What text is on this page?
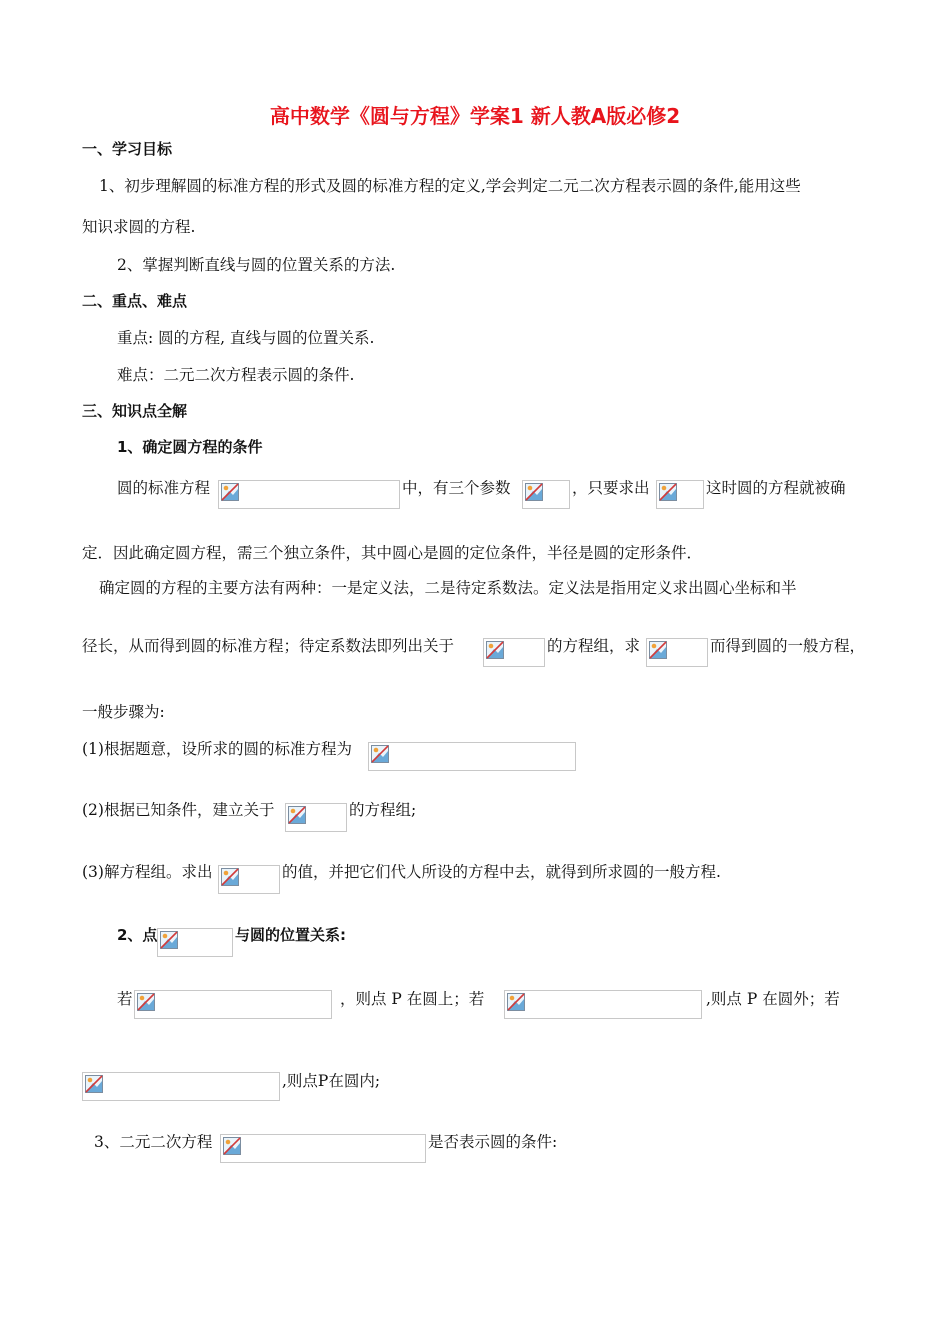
高中数学《圆与方程》学案1 新人教A版必修2
一、学习目标
1、初步理解圆的标准方程的形式及圆的标准方程的定义,学会判定二元二次方程表示圆的条件,能用这些
知识求圆的方程.
2、掌握判断直线与圆的位置关系的方法.
二、重点、难点
重点: 圆的方程, 直线与圆的位置关系.
难点：二元二次方程表示圆的条件.
三、知识点全解
1、确定圆方程的条件
圆的标准方程	中，有三个参数	，只要求出	这时圆的方程就被确
定．因此确定圆方程，需三个独立条件，其中圆心是圆的定位条件，半径是圆的定形条件．
确定圆的方程的主要方法有两种：一是定义法，二是待定系数法。定义法是指用定义求出圆心坐标和半
径长，从而得到圆的标准方程；待定系数法即列出关于	的方程组，求	而得到圆的一般方程，
一般步骤为:
(1)根据题意，设所求的圆的标准方程为
(2)根据已知条件，建立关于	的方程组;
(3)解方程组。求出	的值，并把它们代人所设的方程中去，就得到所求圆的一般方程.
2、点	与圆的位置关系:
若	，则点 P 在圆上；若	,则点 P 在圆外；若
,则点P在圆内;
3、二元二次方程	是否表示圆的条件:
